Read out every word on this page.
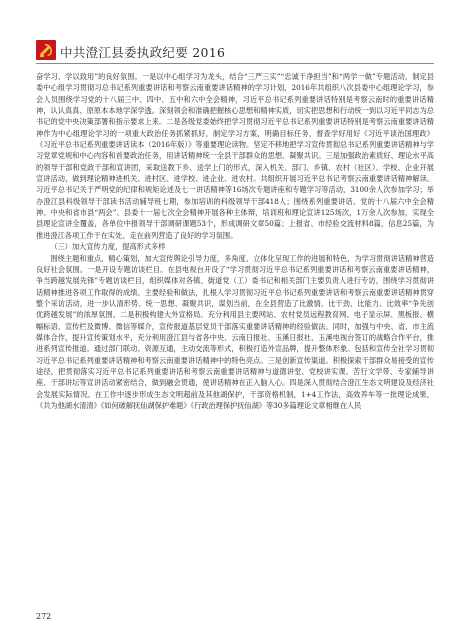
中共澄江县委执政纪要 2016

奋学习、学以致用”的良好氛围。一是以中心组学习为龙头，结合“三严三实”“忠诚干净担当”和“两学一做”专题活动，制定县委中心组学习贯彻习总书记系列重要讲话和考察云南重要讲话精神的学习计划，2016年共组织八次县委中心组理论学习，参会人员围绕学习党的十八届三中、四中、五中和六中全会精神，习近平总书记系列重要讲话特别是考察云南时的重要讲话精神，认认真真、原原本本地学深学透。深刻领会和准确把握核心思想和精神实质，切实把思想和行动统一到以习近平同志为总书记的党中央决策部署和指示要求上来。二是各级党委始终把学习贯彻习近平总书记系列重要讲话特别是考察云南重要讲话精神作为中心组理论学习的一项重大政治任务抓紧抓好，制定学习方案，明确目标任务，督查学好用好《习近平谈治国理政》《习近平总书记系列重要讲话读本（2016年版）》等重要理论读物。坚定不移地把学习宣传贯彻总书记系列重要讲话精神与学习党章党规和中心内容和首要政治任务，用讲话精神统一全县干部群众的思想、凝聚共识。三是加强政治素质好、理论水平高的领导干部和党政干部和宣讲团，采取送教下乡、送学上门的形式，深入机关、部门、乡镇、农村（社区）、学校、企业开展宣讲活动，做到理论精神进机关、进村区、进学校、进企业、进农村。共组织开展习近平总书记考察云南重要讲话精神解读、习近平总书记关于严明党的纪律和规矩论述及七一讲话精神等16场次专题讲座和专题学习等活动，3100余人次参加学习；举办澄江县科级领导干部读书活动辅导班七期，参加培训的科级领导干部418人；围绕系列重要讲话、党的十八届六中全会精神、中央和省市县“两会”、县委十一届七次全会精神开展各种主体辩，培训班和理论宣讲125场次，1万余人次参加，实现全县理论宣讲全覆盖，各单位中报领导干部调研课题53个，形成调研文章50篇；上报省、市经验交流材料8篇，信息25篇，为推进澄江各项工作干在实处、走在前列营造了良好的学习氛围。

（三）加大宣传力度，提高形式多样

围绕主题和重点，精心策划，加大宣传舆论引导力度，多角度、立体化呈现工作的进展和特色，为学习贯彻讲话精神营造良好社会氛围。一是开设专题访谈栏目。在县电视台开设了“学习贯彻习近平总书记系列重要讲话和考察云南重要讲话精神，争当跨越发展先锋”专题访谈栏目，组织媒体对各镇、街道党（工）委书记和相关部门主要负责人进行专访，围绕学习贯彻讲话精神推进各项工作取得的成绩、主要经验和做法，扎根人学习贯彻习近平总书记系列重要讲话和考察云南重要讲话精神贯穿整个采访活动，进一步认清形势、统一思想、凝聚共识，谋划当前，在全县营造了比激情、比干劲、比能力、比效率“争先创优跨越发展”的浓厚氛围。二是积极构建大外宣格局。充分利用县主要网站、农村党员远程教育网、电子显示屏、黑板报、横幅标语、宣传栏及微博、微信等媒介，宣传报道基层党员干部落实重要讲话精神的经验做法。同时，加强与中央、省、市主流媒体合作，提升宣传策划水平，充分利用澄江县与省各中央、云南日报社、玉溪日报社、玉溪电视台签订的战略合作平台，推进系列宣传报道。通过部门联动、资源互通，主动交流等形式，积极打造外宣品牌，提升整体形象。包括和宣传全社学习贯彻习近平总书记系列重要讲话精神和考察云南重要讲话精神中的特色亮点。三是创新宣传渠道。积极探索干部群众易接受的宣传途径，把贯彻落实习近平总书记系列重要讲话和考察云南重要讲话精神与道德讲堂、党校讲实课、苦行文学带、专家辅导讲座、干部讲坛等宣讲活动紧密结合，做到融会贯通，使讲话精神在正入脑入心。四是深入贯彻结合澄江生态文明建设及经济社会发展实际情况。在工作中逐步形成生态文明超前及其他湖保护，干部资格机制，1+4工作法，高效养车等一批理论成果，《共为他湖水清清》《如何破解抚仙湖保护难题》《行政治理保护抚仙湖》等30多篇理论文章相继在人民

272
